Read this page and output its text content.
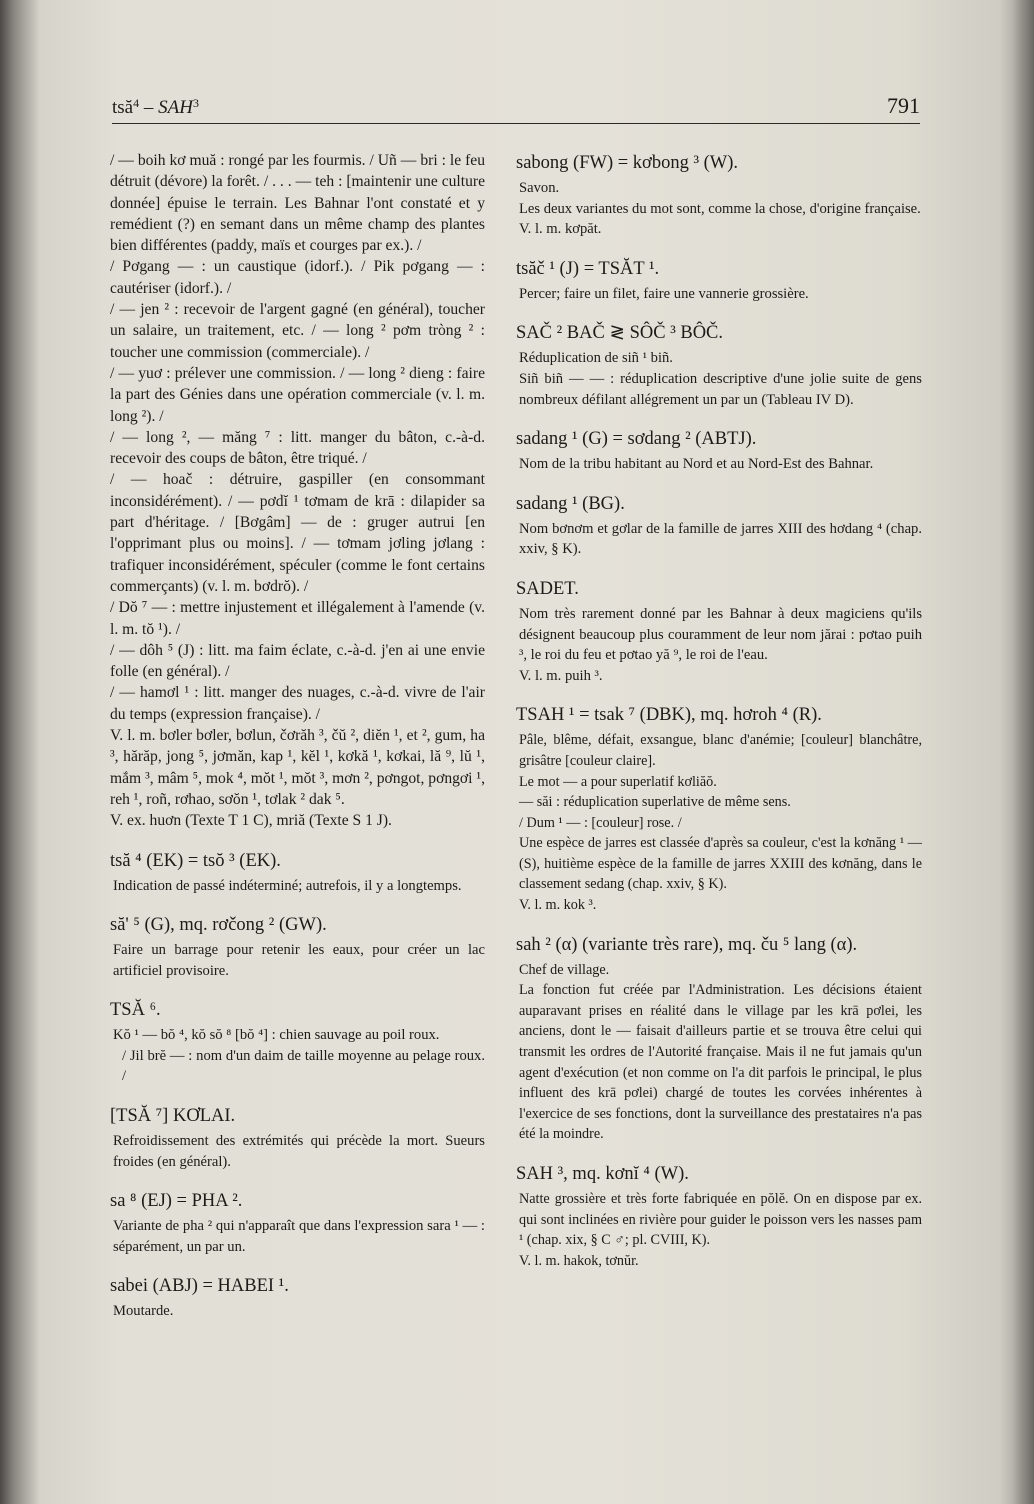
tsă$^4$ – SAH$^3$	791

/ — boih kơ muă : rongé par les fourmis. / Uñ — bri : le feu détruit (dévore) la forêt. / . . . — teh : [maintenir une culture donnée] épuise le terrain. Les Bahnar l'ont constaté et y remédient (?) en semant dans un même champ des plantes bien différentes (paddy, maïs et courges par ex.). /

/ Pơgang — : un caustique (idorf.). / Pik pơgang — : cautériser (idorf.). /

/ — jen ² : recevoir de l'argent gagné (en général), toucher un salaire, un traitement, etc. / — long ² pơm tròng ² : toucher une commission (commerciale). /

/ — yuơ : prélever une commission. / — long ² dieng : faire la part des Génies dans une opération commerciale (v. l. m. long ²). /

/ — long ², — măng ⁷ : litt. manger du bâton, c.-à-d. recevoir des coups de bâton, être triqué. /

/ — hoač : détruire, gaspiller (en consommant inconsidérément). / — pơdĭ ¹ tơmam de krā : dilapider sa part d'héritage. / [Bơgâm] — de : gruger autrui [en l'opprimant plus ou moins]. / — tơmam jơling jơlang : trafiquer inconsidérément, spéculer (comme le font certains commerçants) (v. l. m. bơdrŏ). /

/ Dŏ ⁷ — : mettre injustement et illégalement à l'amende (v. l. m. tŏ ¹). /

/ — dôh ⁵ (J) : litt. ma faim éclate, c.-à-d. j'en ai une envie folle (en général). /

/ — hamơl ¹ : litt. manger des nuages, c.-à-d. vivre de l'air du temps (expression française). /

V. l. m. bơler bơler, bơlun, čơrăh ³, čŭ ², diĕn ¹, et ², gum, ha ³, hărăp, jong ⁵, jơmăn, kap ¹, kĕl ¹, kơkă ¹, kơkai, lă ⁹, lŭ ¹, mắm ³, mâm ⁵, mok ⁴, mŏt ¹, mŏt ³, mơn ², pơngot, pơngơi ¹, reh ¹, roñ, rơhao, sơŏn ¹, tơlak ² dak ⁵.

V. ex. huơn (Texte T 1 C), mriă (Texte S 1 J).

tsă ⁴ (EK) = tsŏ ³ (EK).

Indication de passé indéterminé; autrefois, il y a longtemps.

să' ⁵ (G), mq. rơčong ² (GW).

Faire un barrage pour retenir les eaux, pour créer un lac artificiel provisoire.

TSĂ ⁶.

Kŏ ¹ — bŏ ⁴, kŏ sŏ ⁸ [bŏ ⁴] : chien sauvage au poil roux.

/ Jil brĕ — : nom d'un daim de taille moyenne au pelage roux. /

[TSĂ ⁷] KƠLAI.

Refroidissement des extrémités qui précède la mort. Sueurs froides (en général).

sa ⁸ (EJ) = PHA ².

Variante de pha ² qui n'apparaît que dans l'expression sara ¹ — : séparément, un par un.

sabei (ABJ) = HABEI ¹.

Moutarde.

sabong (FW) = kơbong ³ (W).

Savon.

Les deux variantes du mot sont, comme la chose, d'origine française.

V. l. m. kơpăt.

tsăč ¹ (J) = TSĂT ¹.

Percer; faire un filet, faire une vannerie grossière.

SAČ ² BAČ ≷ SÔČ ³ BÔČ.

Réduplication de siñ ¹ biñ.

Siñ biñ — — : réduplication descriptive d'une jolie suite de gens nombreux défilant allégrement un par un (Tableau IV D).

sadang ¹ (G) = sơdang ² (ABTJ).

Nom de la tribu habitant au Nord et au Nord-Est des Bahnar.

sadang ¹ (BG).

Nom bơnơm et gơlar de la famille de jarres XIII des hơdang ⁴ (chap. xxiv, § K).

SADET.

Nom très rarement donné par les Bahnar à deux magiciens qu'ils désignent beaucoup plus couramment de leur nom jărai : pơtao puih ³, le roi du feu et pơtao yă ⁹, le roi de l'eau.

V. l. m. puih ³.

TSAH ¹ = tsak ⁷ (DBK), mq. hơroh ⁴ (R).

Pâle, blême, défait, exsangue, blanc d'anémie; [couleur] blanchâtre, grisâtre [couleur claire].

Le mot — a pour superlatif kơliăŏ.

— săi : réduplication superlative de même sens.

/ Dum ¹ — : [couleur] rose. /

Une espèce de jarres est classée d'après sa couleur, c'est la kơnăng ¹ — (S), huitième espèce de la famille de jarres XXIII des kơnăng, dans le classement sedang (chap. xxiv, § K).

V. l. m. kok ³.

sah ² (α) (variante très rare), mq. ču ⁵ lang (α).

Chef de village.

La fonction fut créée par l'Administration. Les décisions étaient auparavant prises en réalité dans le village par les krā pơlei, les anciens, dont le — faisait d'ailleurs partie et se trouva être celui qui transmit les ordres de l'Autorité française. Mais il ne fut jamais qu'un agent d'exécution (et non comme on l'a dit parfois le principal, le plus influent des krā pơlei) chargé de toutes les corvées inhérentes à l'exercice de ses fonctions, dont la surveillance des prestataires n'a pas été la moindre.

SAH ³, mq. kơnĭ ⁴ (W).

Natte grossière et très forte fabriquée en pŏlĕ. On en dispose par ex. qui sont inclinées en rivière pour guider le poisson vers les nasses pam ¹ (chap. xix, § C ♂; pl. CVIII, K).

V. l. m. hakok, tơnŭr.
